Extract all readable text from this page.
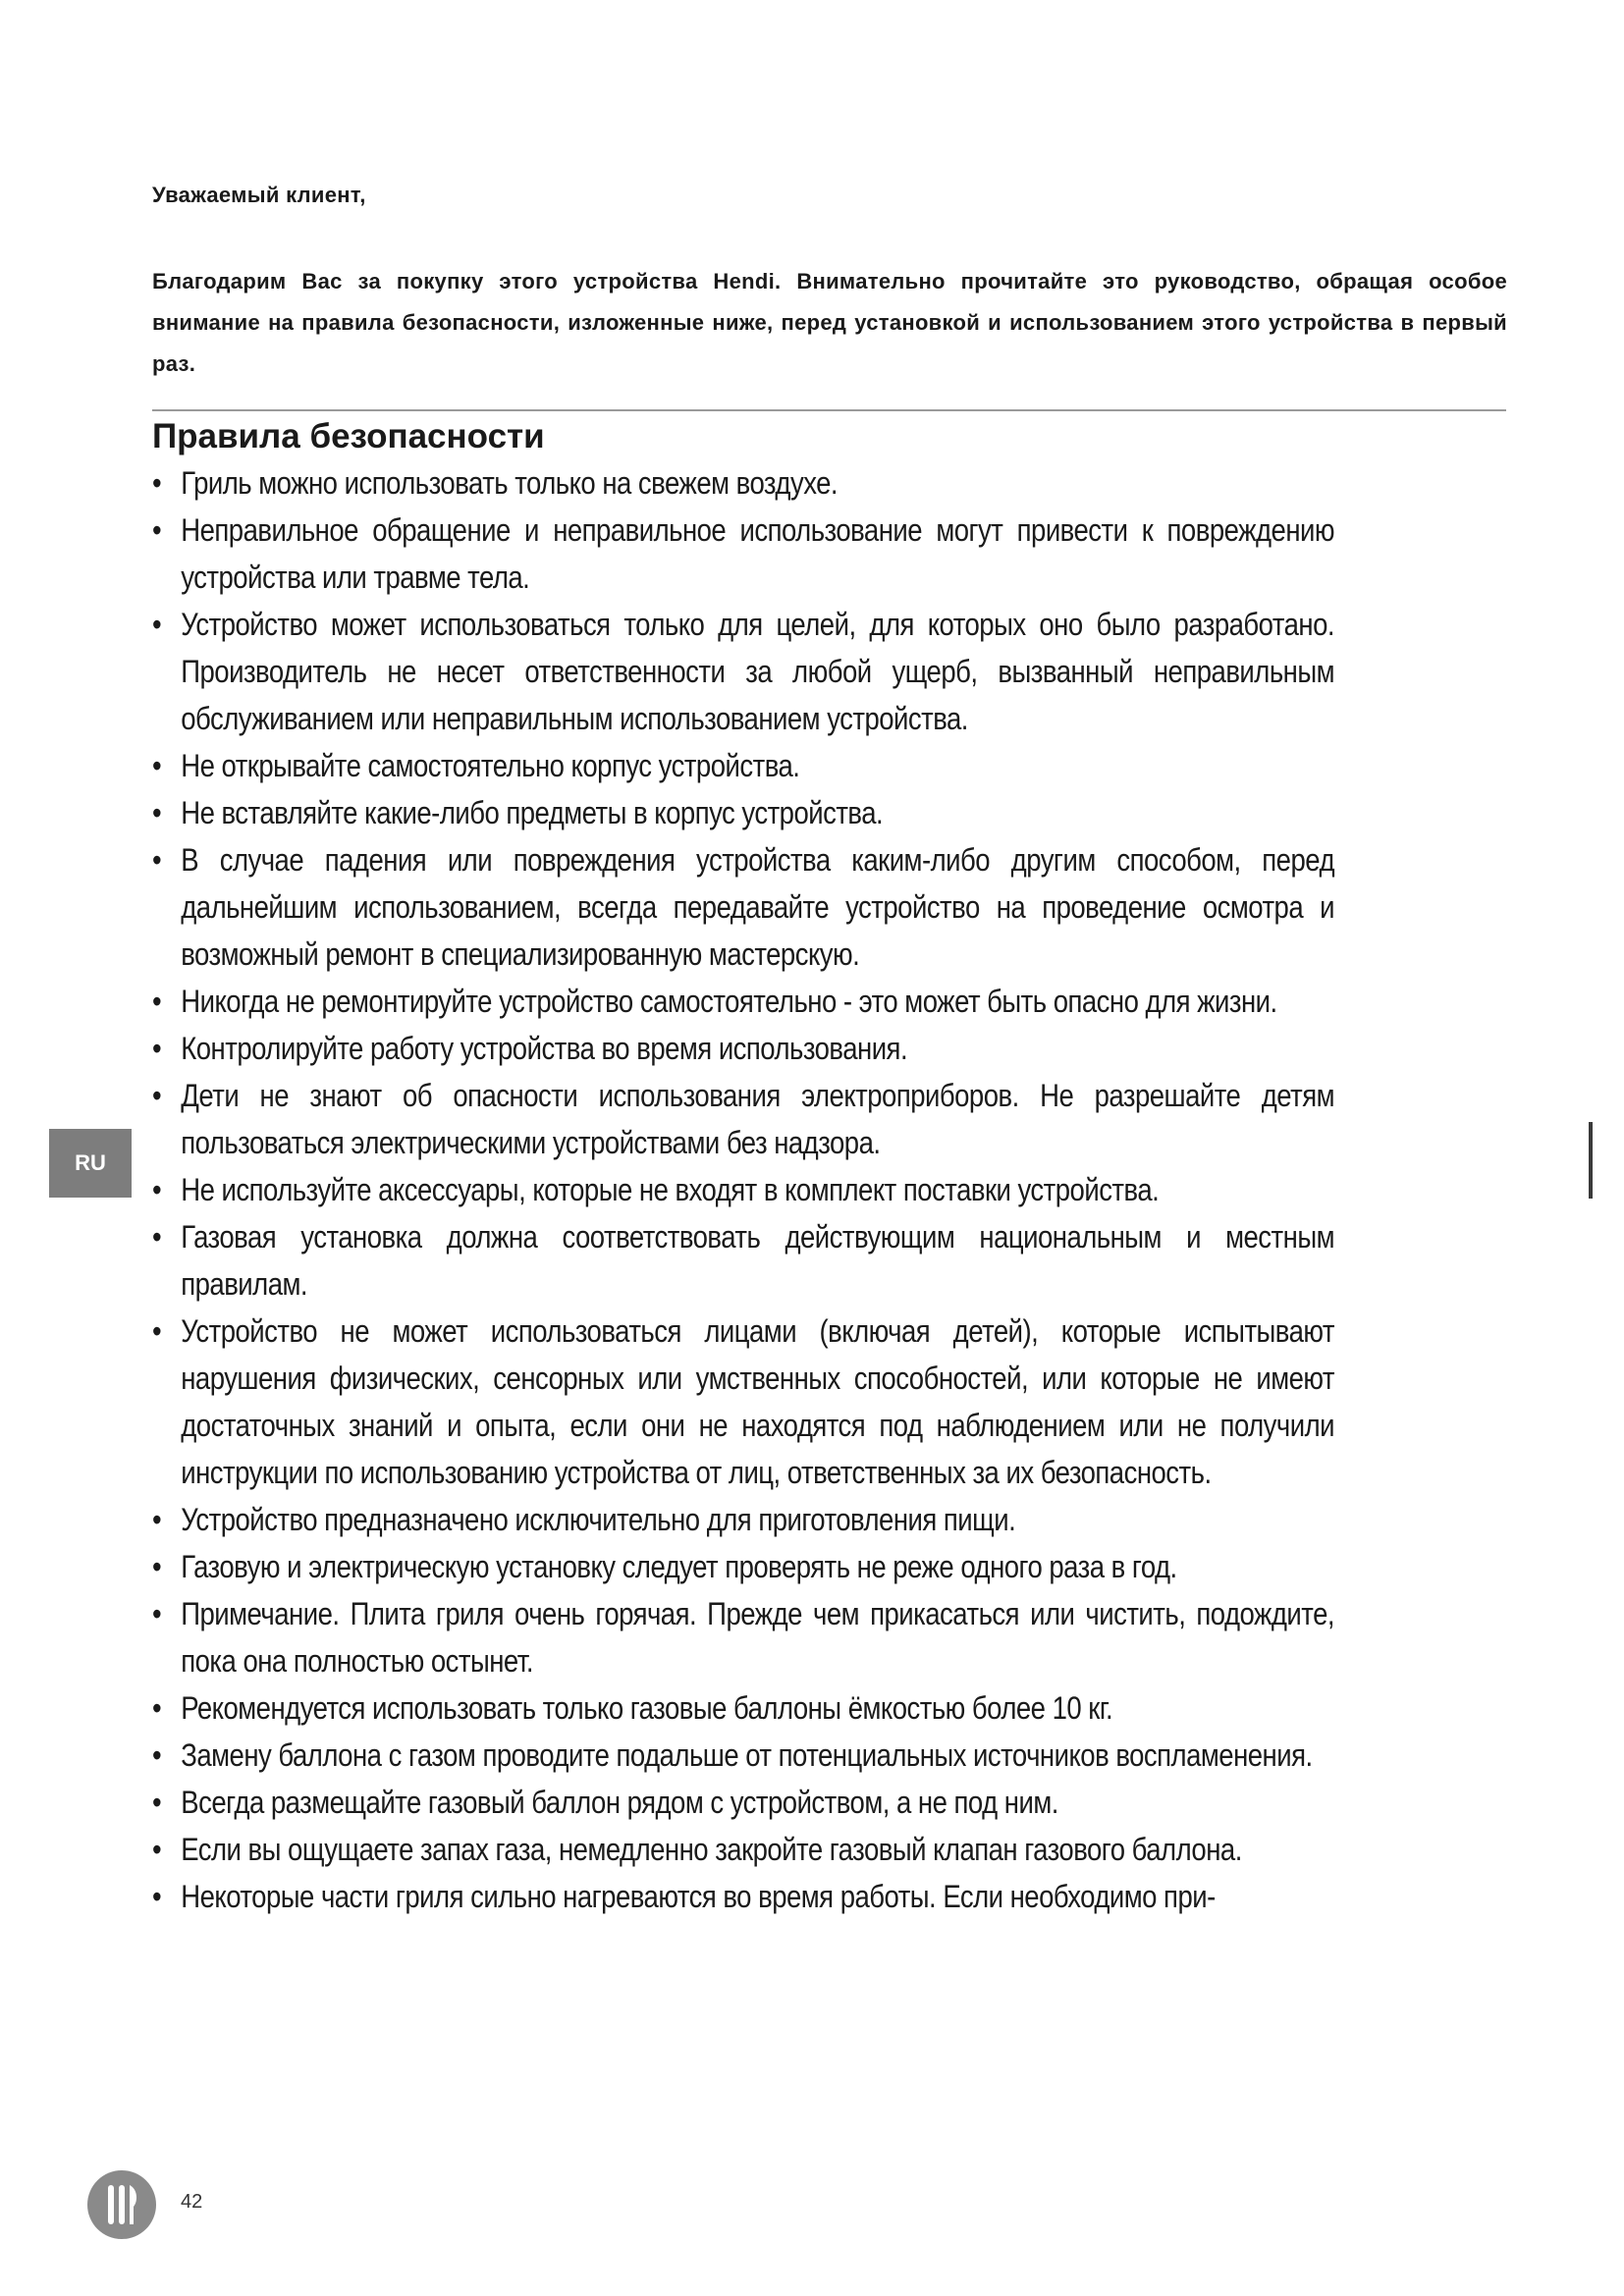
Уважаемый клиент,
Благодарим Вас за покупку этого устройства Hendi. Внимательно прочитайте это руководство, обращая особое внимание на правила безопасности, изложенные ниже, перед установкой и использованием этого устройства в первый раз.
Правила безопасности
• Гриль можно использовать только на свежем воздухе.
• Неправильное обращение и неправильное использование могут привести к повреждению устройства или травме тела.
• Устройство может использоваться только для целей, для которых оно было разработано. Производитель не несет ответственности за любой ущерб, вызванный неправильным обслуживанием или неправильным использованием устройства.
• Не открывайте самостоятельно корпус устройства.
• Не вставляйте какие-либо предметы в корпус устройства.
• В случае падения или повреждения устройства каким-либо другим способом, перед дальнейшим использованием, всегда передавайте устройство на проведение осмотра и возможный ремонт в специализированную мастерскую.
• Никогда не ремонтируйте устройство самостоятельно - это может быть опасно для жизни.
• Контролируйте работу устройства во время использования.
• Дети не знают об опасности использования электроприборов. Не разрешайте детям пользоваться электрическими устройствами без надзора.
• Не используйте аксессуары, которые не входят в комплект поставки устройства.
• Газовая установка должна соответствовать действующим национальным и местным правилам.
• Устройство не может использоваться лицами (включая детей), которые испытывают нарушения физических, сенсорных или умственных способностей, или которые не имеют достаточных знаний и опыта, если они не находятся под наблюдением или не получили инструкции по использованию устройства от лиц, ответственных за их безопасность.
• Устройство предназначено исключительно для приготовления пищи.
• Газовую и электрическую установку следует проверять не реже одного раза в год.
• Примечание. Плита гриля очень горячая. Прежде чем прикасаться или чистить, подождите, пока она полностью остынет.
• Рекомендуется использовать только газовые баллоны ёмкостью более 10 кг.
• Замену баллона с газом проводите подальше от потенциальных источников воспламенения.
• Всегда размещайте газовый баллон рядом с устройством, а не под ним.
• Если вы ощущаете запах газа, немедленно закройте газовый клапан газового баллона.
• Некоторые части гриля сильно нагреваются во время работы. Если необходимо при-
RU
42
